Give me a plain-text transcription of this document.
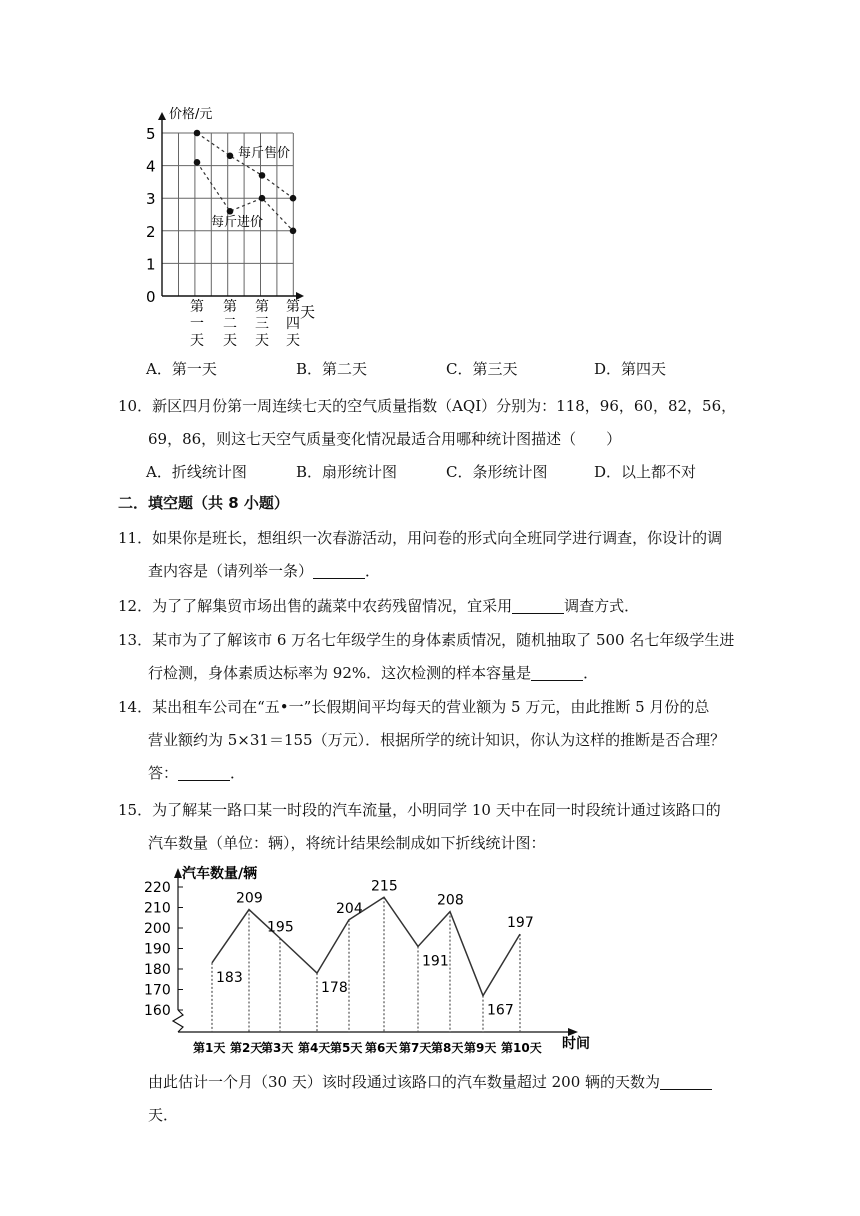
0
1
2
3
4
5
第
一
天
第
二
天
第
三
天
第
四
天
价格/元
天
每斤售价
每斤进价
A．第一天	B．第二天	C．第三天	D．第四天
10．新区四月份第一周连续七天的空气质量指数（AQI）分别为：118，96，60，82，56，
69，86，则这七天空气质量变化情况最适合用哪种统计图描述（　　）
A．折线统计图	B．扇形统计图	C．条形统计图	D．以上都不对
二．填空题（共 8 小题）
11．如果你是班长，想组织一次春游活动，用问卷的形式向全班同学进行调查，你设计的调
查内容是（请列举一条）	．
12．为了了解集贸市场出售的蔬菜中农药残留情况，宜采用	调查方式．
13．某市为了了解该市 6 万名七年级学生的身体素质情况，随机抽取了 500 名七年级学生进
行检测，身体素质达标率为 92%．这次检测的样本容量是	．
14．某出租车公司在“五•一”长假期间平均每天的营业额为 5 万元，由此推断 5 月份的总
营业额约为 5×31＝155（万元）．根据所学的统计知识，你认为这样的推断是否合理？
答：	．
15．为了解某一路口某一时段的汽车流量，小明同学 10 天中在同一时段统计通过该路口的
汽车数量（单位：辆），将统计结果绘制成如下折线统计图：
160
170
180
190
200
210
220
183
209
195
178
204
215
191
208
167
197
第1天 第2天
第3天 第4天 第5天 第6天 第7天 第8天 第9天 第10天
汽车数量/辆
时间
由此估计一个月（30 天）该时段通过该路口的汽车数量超过 200 辆的天数为天．
